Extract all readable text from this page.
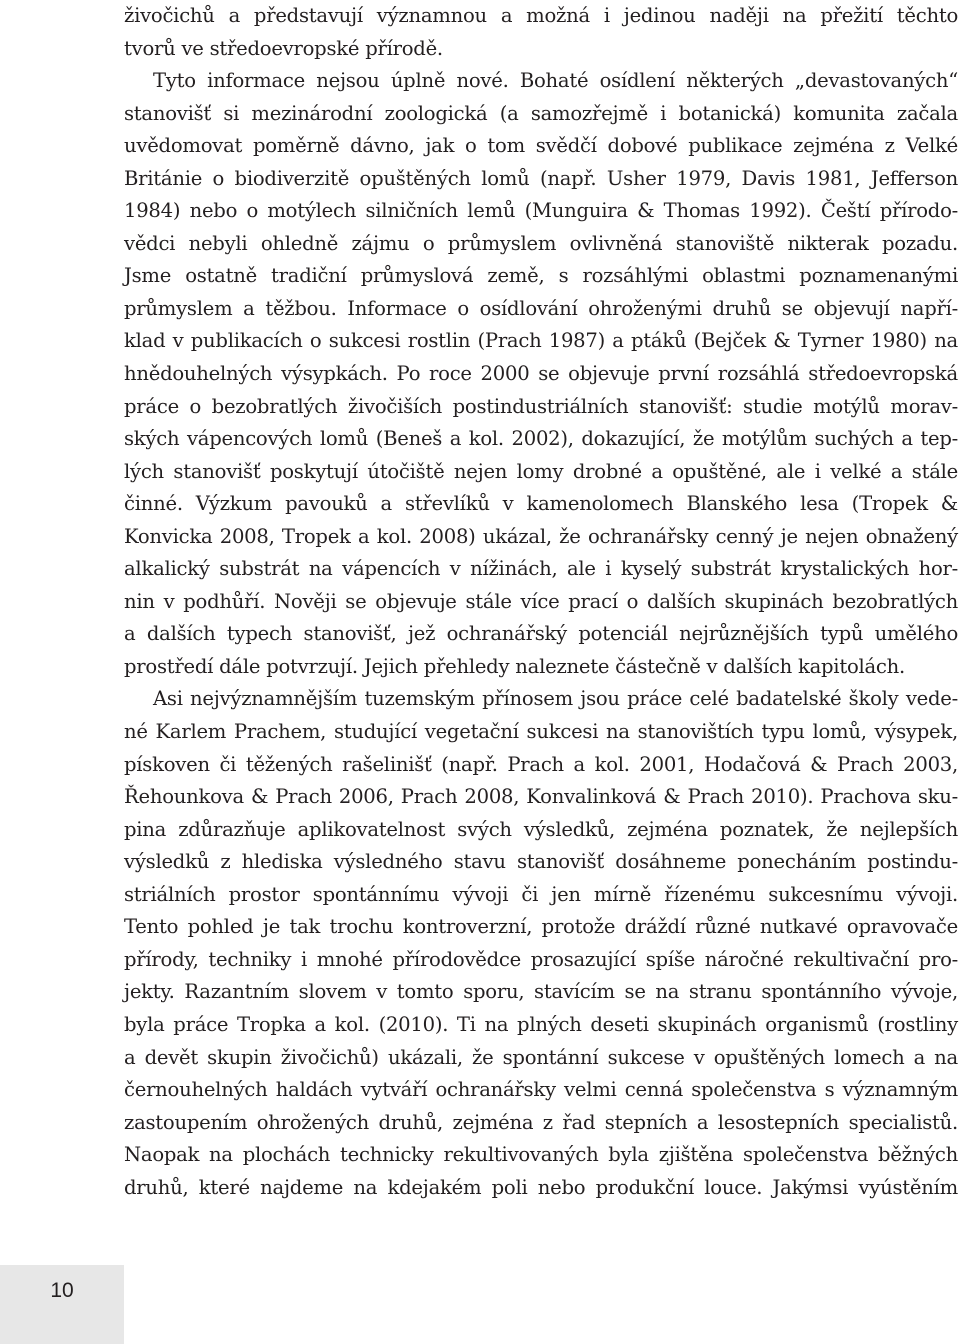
živočichů a představují významnou a možná i jedinou naději na přežití těchto
tvorů ve středoevropské přírodě.
Tyto informace nejsou úplně nové. Bohaté osídlení některých „devastovaných“
stanovišť si mezinárodní zoologická (a samozřejmě i botanická) komunita začala
uvědomovat poměrně dávno, jak o tom svědčí dobové publikace zejména z Velké
Británie o biodiverzitě opuštěných lomů (např. Usher 1979, Davis 1981, Jefferson
1984) nebo o motýlech silničních lemů (Munguira & Thomas 1992). Čeští přírodo-
vědci nebyli ohledně zájmu o průmyslem ovlivněná stanoviště nikterak pozadu.
Jsme ostatně tradiční průmyslová země, s rozsáhlými oblastmi poznamenanými
průmyslem a těžbou. Informace o osídlování ohroženými druhů se objevují napří-
klad v publikacích o sukcesi rostlin (Prach 1987) a ptáků (Bejček & Tyrner 1980) na
hnědouhelných výsypkách. Po roce 2000 se objevuje první rozsáhlá středoevropská
práce o bezobratlých živočiších postindustriálních stanovišť: studie motýlů morav-
ských vápencových lomů (Beneš a kol. 2002), dokazující, že motýlům suchých a tep-
lých stanovišť poskytují útočiště nejen lomy drobné a opuštěné, ale i velké a stále
činné. Výzkum pavouků a střevlíků v kamenolomech Blanského lesa (Tropek &
Konvicka 2008, Tropek a kol. 2008) ukázal, že ochranářsky cenný je nejen obnažený
alkalický substrát na vápencích v nížinách, ale i kyselý substrát krystalických hor-
nin v podhůří. Nověji se objevuje stále více prací o dalších skupinách bezobratlých
a dalších typech stanovišť, jež ochranářský potenciál nejrůznějších typů umělého
prostředí dále potvrzují. Jejich přehledy naleznete částečně v dalších kapitolách.
Asi nejvýznamnějším tuzemským přínosem jsou práce celé badatelské školy vede-
né Karlem Prachem, studující vegetační sukcesi na stanovištích typu lomů, výsypek,
pískoven či těžených rašelinišť (např. Prach a kol. 2001, Hodačová & Prach 2003,
Řehounkova & Prach 2006, Prach 2008, Konvalinková & Prach 2010). Prachova sku-
pina zdůrazňuje aplikovatelnost svých výsledků, zejména poznatek, že nejlepších
výsledků z hlediska výsledného stavu stanovišť dosáhneme ponecháním postindu-
striálních prostor spontánnímu vývoji či jen mírně řízenému sukcesnímu vývoji.
Tento pohled je tak trochu kontroverzní, protože dráždí různé nutkavé opravovače
přírody, techniky i mnohé přírodovědce prosazující spíše náročné rekultivační pro-
jekty. Razantním slovem v tomto sporu, stavícím se na stranu spontánního vývoje,
byla práce Tropka a kol. (2010). Ti na plných deseti skupinách organismů (rostliny
a devět skupin živočichů) ukázali, že spontánní sukcese v opuštěných lomech a na
černouhelných haldách vytváří ochranářsky velmi cenná společenstva s významným
zastoupením ohrožených druhů, zejména z řad stepních a lesostepních specialistů.
Naopak na plochách technicky rekultivovaných byla zjištěna společenstva běžných
druhů, které najdeme na kdejakém poli nebo produkční louce. Jakýmsi vyústěním
10
